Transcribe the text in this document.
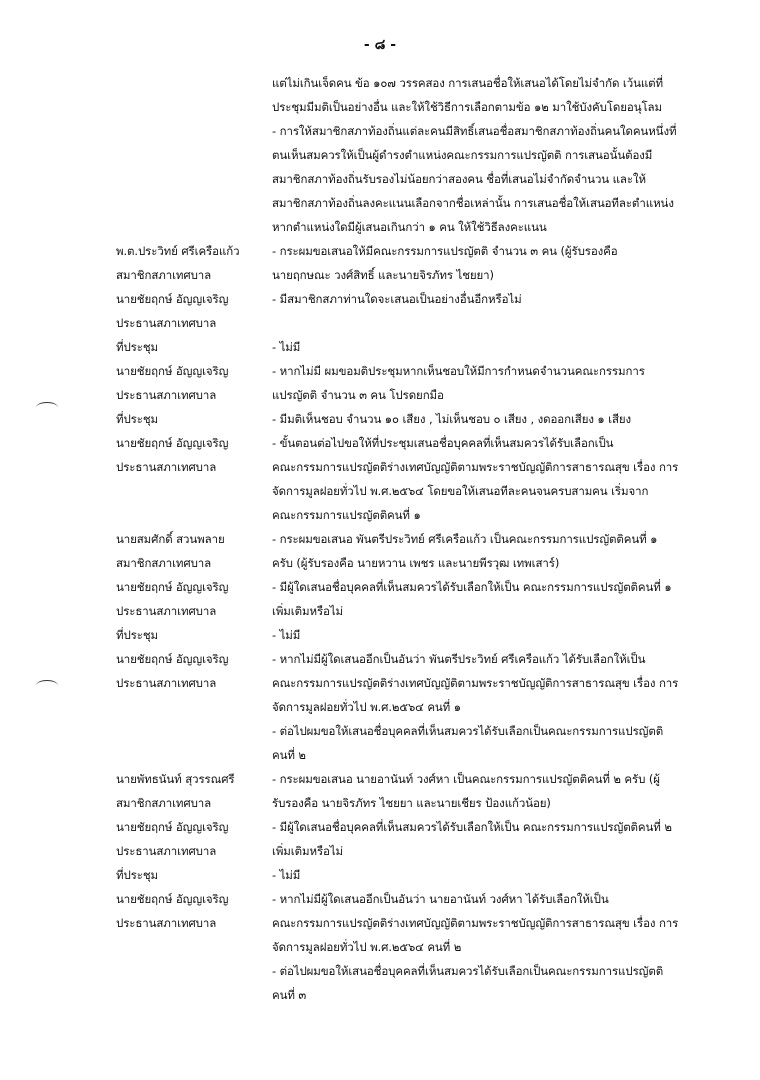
- ๘ -
พ.ต.ประวิทย์ ศรีเครือแก้ว
สมาชิกสภาเทศบาล
นายชัยฤกษ์ อัญญเจริญ
ประธานสภาเทศบาล
ที่ประชุม
นายชัยฤกษ์ อัญญเจริญ
ประธานสภาเทศบาล
ที่ประชุม
นายชัยฤกษ์ อัญญเจริญ
ประธานสภาเทศบาล
นายสมศักดิ์ สวนพลาย
สมาชิกสภาเทศบาล
นายชัยฤกษ์ อัญญเจริญ
ประธานสภาเทศบาล
ที่ประชุม
นายชัยฤกษ์ อัญญเจริญ
ประธานสภาเทศบาล
นายพัทธนันท์ สุวรรณศรี
สมาชิกสภาเทศบาล
นายชัยฤกษ์ อัญญเจริญ
ประธานสภาเทศบาล
ที่ประชุม
นายชัยฤกษ์ อัญญเจริญ
ประธานสภาเทศบาล
แต่ไม่เกินเจ็ดคน ข้อ ๑๐๗ วรรคสอง การเสนอชื่อให้เสนอได้โดยไม่จำกัด เว้นแต่ที่
ประชุมมีมติเป็นอย่างอื่น และให้ใช้วิธีการเลือกตามข้อ ๑๒ มาใช้บังคับโดยอนุโลม
- การให้สมาชิกสภาท้องถิ่นแต่ละคนมีสิทธิ์เสนอชื่อสมาชิกสภาท้องถิ่นคนใดคนหนึ่งที่
ตนเห็นสมควรให้เป็นผู้ดำรงตำแหน่งคณะกรรมการแปรญัตติ การเสนอนั้นต้องมี
สมาชิกสภาท้องถิ่นรับรองไม่น้อยกว่าสองคน ชื่อที่เสนอไม่จำกัดจำนวน และให้
สมาชิกสภาท้องถิ่นลงคะแนนเลือกจากชื่อเหล่านั้น การเสนอชื่อให้เสนอทีละตำแหน่ง
หากตำแหน่งใดมีผู้เสนอเกินกว่า ๑ คน ให้ใช้วิธีลงคะแนน
- กระผมขอเสนอให้มีคณะกรรมการแปรญัตติ จำนวน ๓ คน (ผู้รับรองคือ
นายฤกษณะ วงศ์สิทธิ์ และนายจิรภัทร ไชยยา)
- มีสมาชิกสภาท่านใดจะเสนอเป็นอย่างอื่นอีกหรือไม่
- ไม่มี
- หากไม่มี ผมขอมติประชุมหากเห็นชอบให้มีการกำหนดจำนวนคณะกรรมการ
แปรญัตติ จำนวน ๓ คน โปรดยกมือ
- มีมติเห็นชอบ จำนวน ๑๐ เสียง , ไม่เห็นชอบ ๐ เสียง , งดออกเสียง ๑ เสียง
- ขั้นตอนต่อไปขอให้ที่ประชุมเสนอชื่อบุคคลที่เห็นสมควรได้รับเลือกเป็น
คณะกรรมการแปรญัตติร่างเทศบัญญัติตามพระราชบัญญัติการสาธารณสุข เรื่อง การ
จัดการมูลฝอยทั่วไป พ.ศ.๒๕๖๔ โดยขอให้เสนอทีละคนจนครบสามคน เริ่มจาก
คณะกรรมการแปรญัตติคนที่ ๑
- กระผมขอเสนอ พันตรีประวิทย์ ศรีเครือแก้ว เป็นคณะกรรมการแปรญัตติคนที่ ๑
ครับ (ผู้รับรองคือ นายหวาน เพชร และนายพีรวุฒ เทพเสาร์)
- มีผู้ใดเสนอชื่อบุคคลที่เห็นสมควรได้รับเลือกให้เป็น คณะกรรมการแปรญัตติคนที่ ๑
เพิ่มเติมหรือไม่
- ไม่มี
- หากไม่มีผู้ใดเสนออีกเป็นอันว่า พันตรีประวิทย์ ศรีเครือแก้ว ได้รับเลือกให้เป็น
คณะกรรมการแปรญัตติร่างเทศบัญญัติตามพระราชบัญญัติการสาธารณสุข เรื่อง การ
จัดการมูลฝอยทั่วไป พ.ศ.๒๕๖๔ คนที่ ๑
- ต่อไปผมขอให้เสนอชื่อบุคคลที่เห็นสมควรได้รับเลือกเป็นคณะกรรมการแปรญัตติ
คนที่ ๒
- กระผมขอเสนอ นายอานันท์ วงศ์หา เป็นคณะกรรมการแปรญัตติคนที่ ๒ ครับ (ผู้
รับรองคือ นายจิรภัทร ไชยยา และนายเชียร ป้องแก้วน้อย)
- มีผู้ใดเสนอชื่อบุคคลที่เห็นสมควรได้รับเลือกให้เป็น คณะกรรมการแปรญัตติคนที่ ๒
เพิ่มเติมหรือไม่
- ไม่มี
- หากไม่มีผู้ใดเสนออีกเป็นอันว่า นายอานันท์ วงศ์หา ได้รับเลือกให้เป็น
คณะกรรมการแปรญัตติร่างเทศบัญญัติตามพระราชบัญญัติการสาธารณสุข เรื่อง การ
จัดการมูลฝอยทั่วไป พ.ศ.๒๕๖๔ คนที่ ๒
- ต่อไปผมขอให้เสนอชื่อบุคคลที่เห็นสมควรได้รับเลือกเป็นคณะกรรมการแปรญัตติ
คนที่ ๓
